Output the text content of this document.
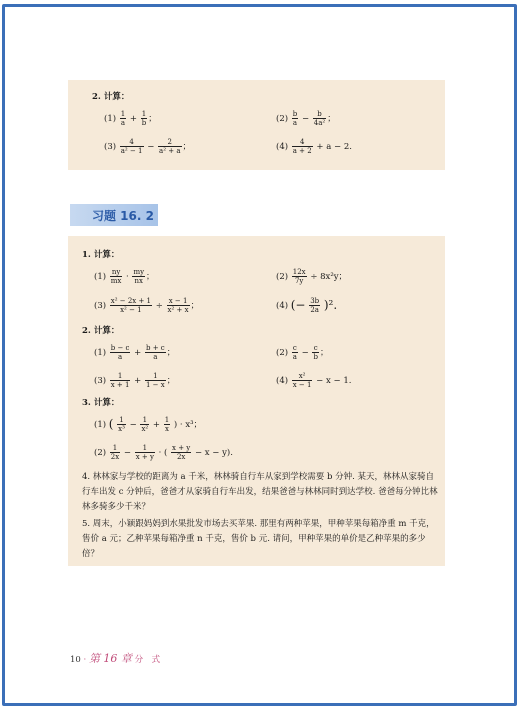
2. 计算：
$(1) \frac{1}{a} + \frac{1}{b}$ ；	$(2) \frac{b}{a} - \frac{b}{\text{4a²}}$ ；
$(3) \frac{4}{\text{a² − 1}} - \frac{2}{\text{a² + a}}$ ；	$(4) \frac{4}{a + 2} + a - 2$.
习题 16. 2
1. 计算：
$(1) \frac{ny}{mx} \cdot \frac{my}{nx}$ ；	$(2) \frac{12x}{7y} \div 8x^2y$；
$(3) \frac{\text{x² − 2x + 1}}{\text{x² − 1}} \div \frac{x - 1}{\text{x² + x}}$ ；	(4) (− $\frac{3b}{2a} )^2$.
2. 计算：
$(1) \frac{b - c}{a} + \frac{b + c}{a}$ ；	$(2) \frac{c}{a} - \frac{c}{b}$ ；
$(3) \frac{1}{x + 1} + \frac{1}{1 - x}$ ；	$(4) \frac{\text{x²}}{x - 1} - x - 1$.
3. 计算：
(1) ( $\frac{1}{\text{x³}} - \frac{1}{\text{x²}} + \frac{1}{x}$ ) · x³；
$(2) \frac{1}{2x} - \frac{1}{x + y}$ · ( $\frac{x + y}{2x} - x - y$).
4. 林林家与学校的距离为 a 千米，林林骑自行车从家到学校需要 b 分钟. 某天，林林从家骑自行车出发 c 分钟后，爸爸才从家骑自行车出发，结果爸爸与林林同时到达学校. 爸爸每分钟比林林多骑多少千米？
5. 周末，小颖跟妈妈到水果批发市场去买苹果. 那里有两种苹果，甲种苹果每箱净重 m 千克，售价 a 元；乙种苹果每箱净重 n 千克，售价 b 元. 请问，甲种苹果的单价是乙种苹果的多少倍？
10 · 第 16 章 分　式
